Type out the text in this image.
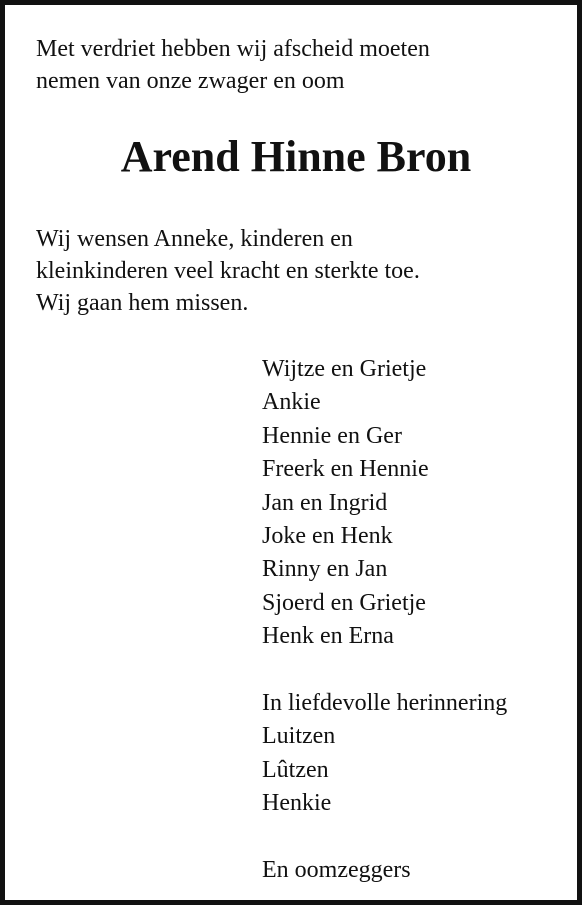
Met verdriet hebben wij afscheid moeten
nemen van onze zwager en oom

Arend Hinne Bron

Wij wensen Anneke, kinderen en
kleinkinderen veel kracht en sterkte toe.
Wij gaan hem missen.

Wijtze en Grietje
Ankie
Hennie en Ger
Freerk en Hennie
Jan en Ingrid
Joke en Henk
Rinny en Jan
Sjoerd en Grietje
Henk en Erna
In liefdevolle herinnering
Luitzen
Lûtzen
Henkie
En oomzeggers
